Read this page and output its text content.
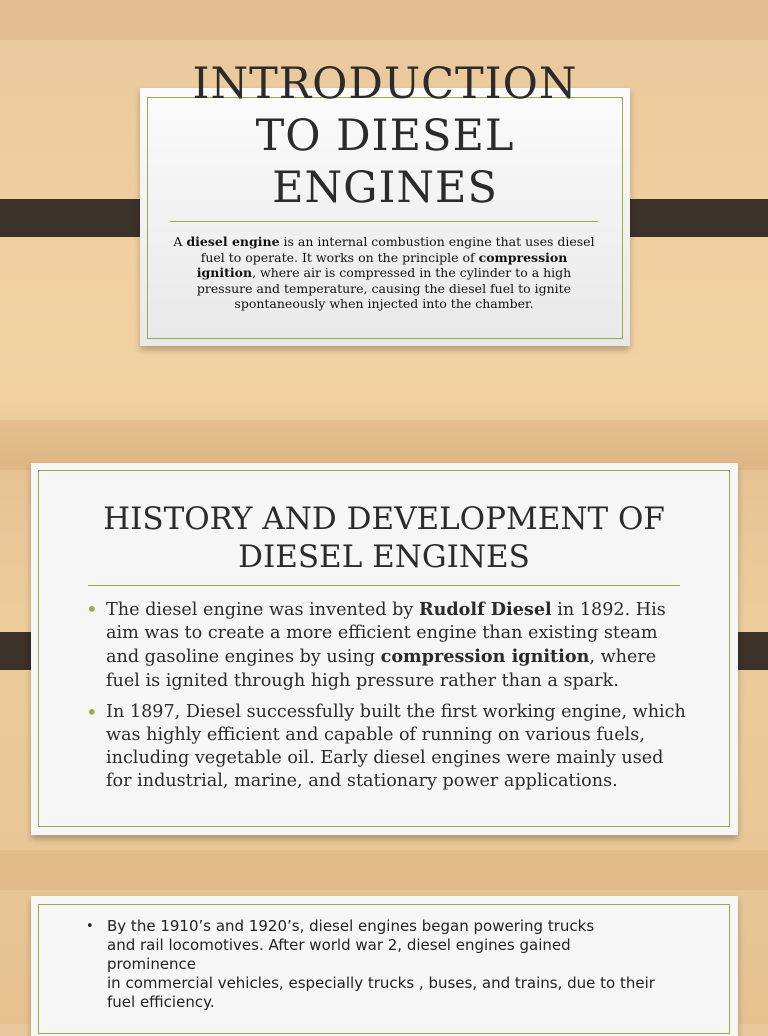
INTRODUCTION
TO DIESEL
ENGINES

A diesel engine is an internal combustion engine that uses diesel fuel to operate. It works on the principle of compression ignition, where air is compressed in the cylinder to a high pressure and temperature, causing the diesel fuel to ignite spontaneously when injected into the chamber.

HISTORY AND DEVELOPMENT OF
DIESEL ENGINES
• The diesel engine was invented by Rudolf Diesel in 1892. His aim was to create a more efficient engine than existing steam and gasoline engines by using compression ignition, where fuel is ignited through high pressure rather than a spark.
• In 1897, Diesel successfully built the first working engine, which was highly efficient and capable of running on various fuels, including vegetable oil. Early diesel engines were mainly used for industrial, marine, and stationary power applications.
• By the 1910’s and 1920’s, diesel engines began powering trucks
and rail locomotives. After world war 2, diesel engines gained
prominence
in commercial vehicles, especially trucks , buses, and trains, due to their
fuel efficiency.
